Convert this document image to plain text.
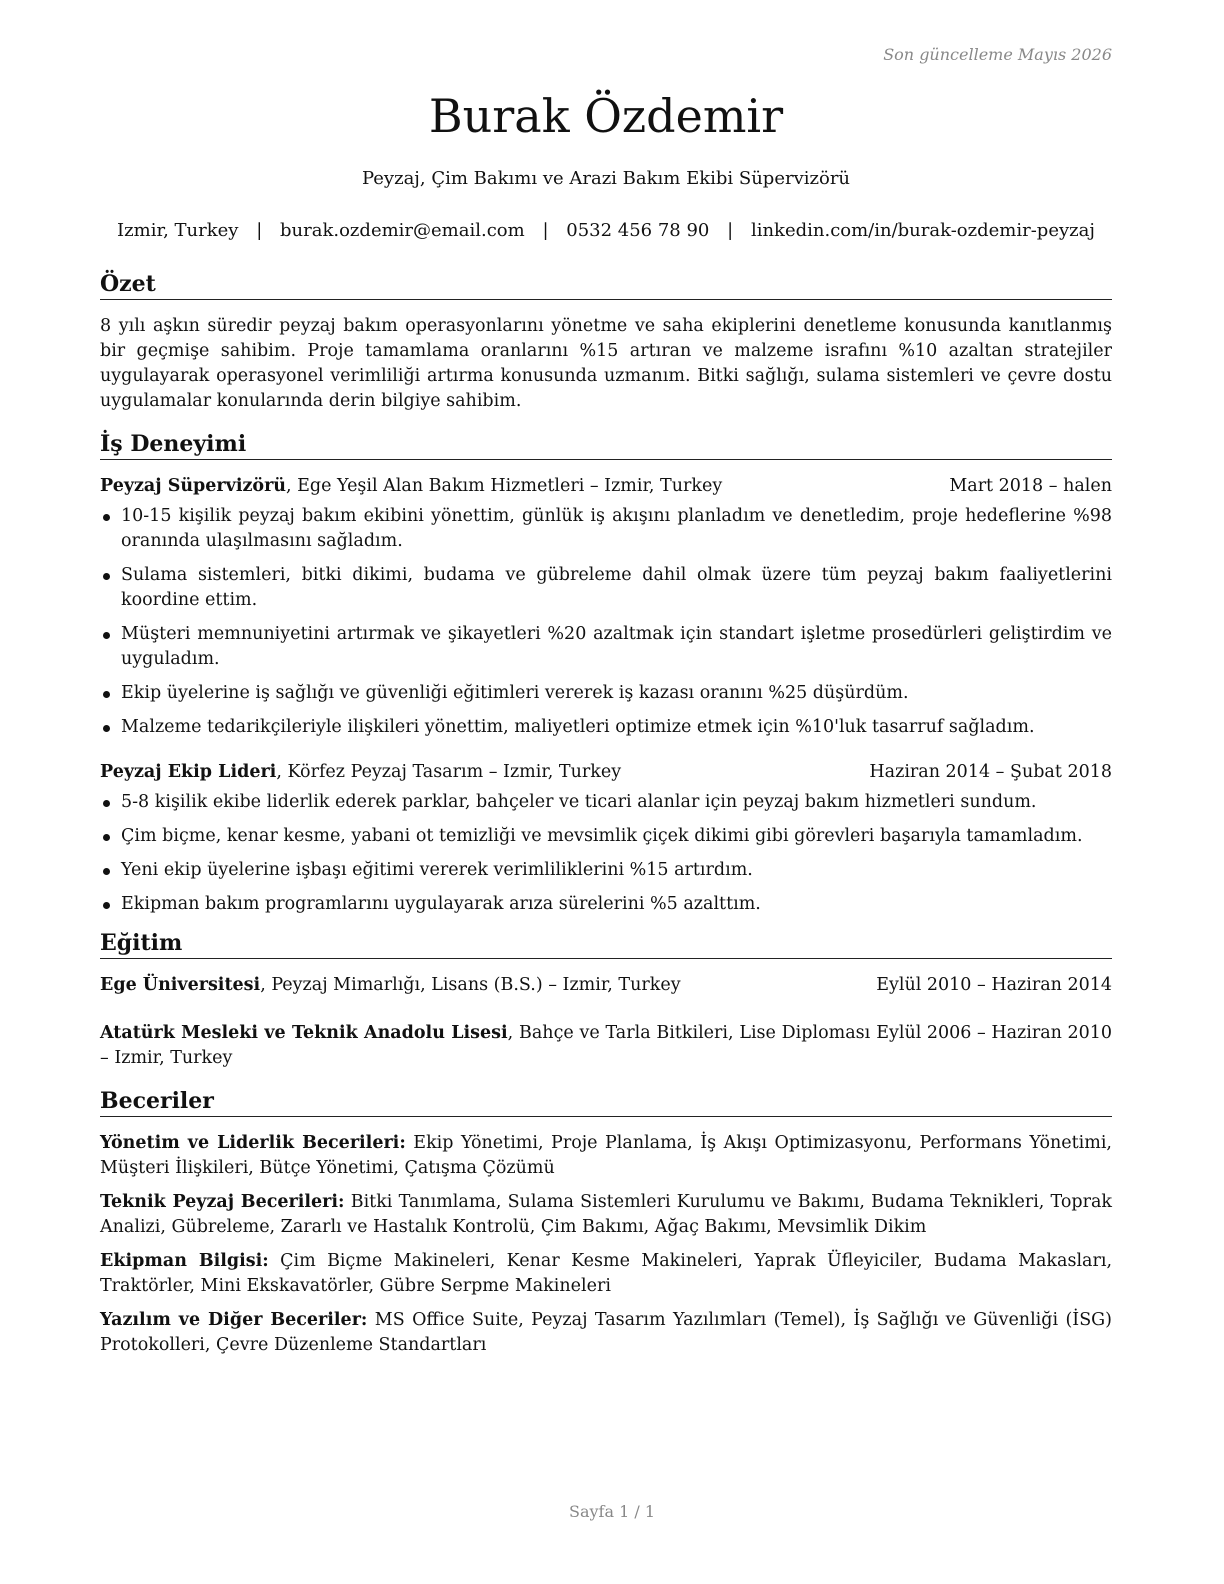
Son güncelleme Mayıs 2026
Burak Özdemir
Peyzaj, Çim Bakımı ve Arazi Bakım Ekibi Süpervizörü
Izmir, Turkey | burak.ozdemir@email.com | 0532 456 78 90 | linkedin.com/in/burak-ozdemir-peyzaj
Özet

8 yılı aşkın süredir peyzaj bakım operasyonlarını yönetme ve saha ekiplerini denetleme konusunda kanıtlanmış bir geçmişe sahibim. Proje tamamlama oranlarını %15 artıran ve malzeme israfını %10 azaltan stratejiler uygulayarak operasyonel verimliliği artırma konusunda uzmanım. Bitki sağlığı, sulama sistemleri ve çevre dostu uygulamalar konularında derin bilgiye sahibim.

İş Deneyimi
Peyzaj Süpervizörü, Ege Yeşil Alan Bakım Hizmetleri – Izmir, Turkey	Mart 2018 – halen
10-15 kişilik peyzaj bakım ekibini yönettim, günlük iş akışını planladım ve denetledim, proje hedeflerine %98 oranında ulaşılmasını sağladım.
Sulama sistemleri, bitki dikimi, budama ve gübreleme dahil olmak üzere tüm peyzaj bakım faaliyetlerini koordine ettim.
Müşteri memnuniyetini artırmak ve şikayetleri %20 azaltmak için standart işletme prosedürleri geliştirdim ve uyguladım.
Ekip üyelerine iş sağlığı ve güvenliği eğitimleri vererek iş kazası oranını %25 düşürdüm.
Malzeme tedarikçileriyle ilişkileri yönettim, maliyetleri optimize etmek için %10'luk tasarruf sağladım.
Peyzaj Ekip Lideri, Körfez Peyzaj Tasarım – Izmir, Turkey	Haziran 2014 – Şubat 2018
5-8 kişilik ekibe liderlik ederek parklar, bahçeler ve ticari alanlar için peyzaj bakım hizmetleri sundum.
Çim biçme, kenar kesme, yabani ot temizliği ve mevsimlik çiçek dikimi gibi görevleri başarıyla tamamladım.
Yeni ekip üyelerine işbaşı eğitimi vererek verimliliklerini %15 artırdım.
Ekipman bakım programlarını uygulayarak arıza sürelerini %5 azalttım.
Eğitim
Ege Üniversitesi, Peyzaj Mimarlığı, Lisans (B.S.) – Izmir, Turkey	Eylül 2010 – Haziran 2014
Atatürk Mesleki ve Teknik Anadolu Lisesi, Bahçe ve Tarla Bitkileri, Lise Diploması – Izmir, Turkey
Eylül 2006 – Haziran 2010
Beceriler

Yönetim ve Liderlik Becerileri: Ekip Yönetimi, Proje Planlama, İş Akışı Optimizasyonu, Performans Yönetimi, Müşteri İlişkileri, Bütçe Yönetimi, Çatışma Çözümü

Teknik Peyzaj Becerileri: Bitki Tanımlama, Sulama Sistemleri Kurulumu ve Bakımı, Budama Teknikleri, Toprak Analizi, Gübreleme, Zararlı ve Hastalık Kontrolü, Çim Bakımı, Ağaç Bakımı, Mevsimlik Dikim

Ekipman Bilgisi: Çim Biçme Makineleri, Kenar Kesme Makineleri, Yaprak Üfleyiciler, Budama Makasları, Traktörler, Mini Ekskavatörler, Gübre Serpme Makineleri

Yazılım ve Diğer Beceriler: MS Office Suite, Peyzaj Tasarım Yazılımları (Temel), İş Sağlığı ve Güvenliği (İSG) Protokolleri, Çevre Düzenleme Standartları

Sayfa 1 / 1
